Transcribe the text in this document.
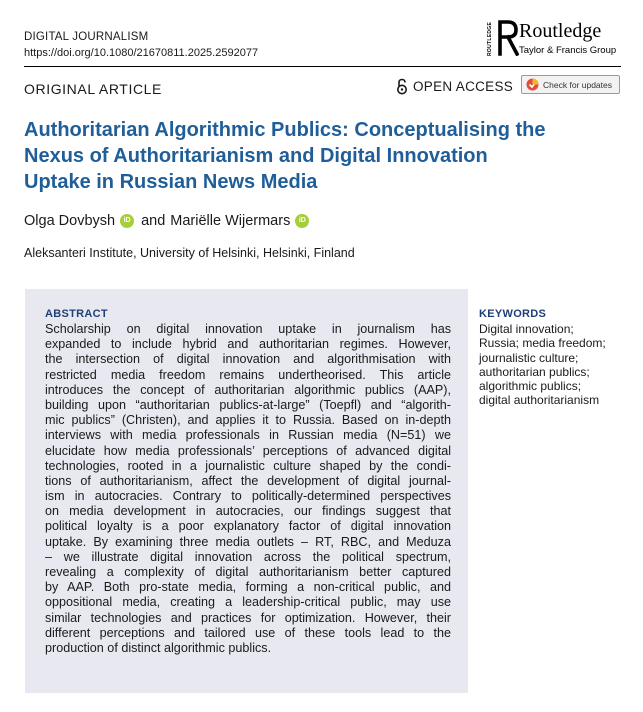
DIGITAL JOURNALISM
https://doi.org/10.1080/21670811.2025.2592077	ROUTLEDGE Routledge
Taylor & Francis Group
ORIGINAL ARTICLE	OPEN ACCESS	Check for updates
Authoritarian Algorithmic Publics: Conceptualising the
Nexus of Authoritarianism and Digital Innovation
Uptake in Russian News Media
Olga Dovbysh	iD and Mariëlle Wijermars	iD
Aleksanteri Institute, University of Helsinki, Helsinki, Finland
ABSTRACT
Scholarship on digital innovation uptake in journalism has
expanded to include hybrid and authoritarian regimes. However,
the intersection of digital innovation and algorithmisation with
restricted media freedom remains undertheorised. This article
introduces the concept of authoritarian algorithmic publics (AAP),
building upon “authoritarian publics-at-large” (Toepfl) and “algorith-
mic publics” (Christen), and applies it to Russia. Based on in-depth
interviews with media professionals in Russian media (N=51) we
elucidate how media professionals’ perceptions of advanced digital
technologies, rooted in a journalistic culture shaped by the condi-
tions of authoritarianism, affect the development of digital journal-
ism in autocracies. Contrary to politically-determined perspectives
on media development in autocracies, our findings suggest that
political loyalty is a poor explanatory factor of digital innovation
uptake. By examining three media outlets – RT, RBC, and Meduza
– we illustrate digital innovation across the political spectrum,
revealing a complexity of digital authoritarianism better captured
by AAP. Both pro-state media, forming a non-critical public, and
oppositional media, creating a leadership-critical public, may use
similar technologies and practices for optimization. However, their
different perceptions and tailored use of these tools lead to the
production of distinct algorithmic publics.
KEYWORDS
Digital innovation;
Russia; media freedom;
journalistic culture;
authoritarian publics;
algorithmic publics;
digital authoritarianism
